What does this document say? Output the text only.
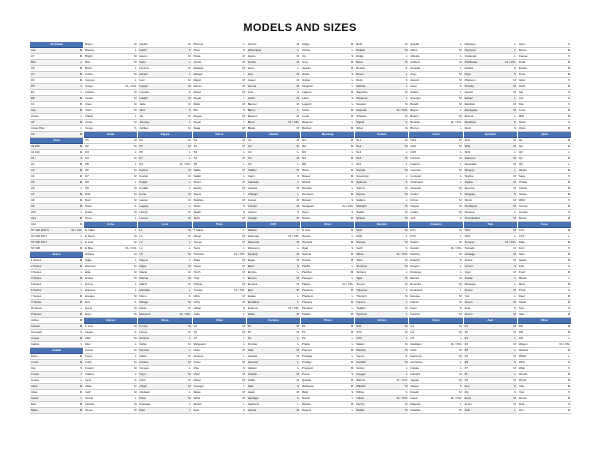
MODELS AND SIZES
Air Power
Ace	M
A7	M
B11	L
C5	M
C7	M
D3	M
D5	L
E4	L
E8	M
F2	M
Ace	M
Arrow	L
Air	M
Arrow Plus	L
Ari	M
Aura
Ali 300	M
Ali 310	M
A1	S
A2	M
A3	M
A4	M
A5	M
A6	L
A7	M
A8	M
A9	M
A10	L
A11	M
A12	M
ST 100 (2017)	XL / XXL
ST 200 2017	L
ST 300 2017	L
ST 400	M
Bravo
1 Series	M
2 Series	M
3 Series	L
4 Series	M
5 Series	L
6 Series	L
7 Series	M
X Series	M
M Series	L
Z Series	M
Active	M
Classic	M
Compact	S
Coupe	M
Cabrio	L
Cobalt
Carry	M
Cross	M
City	S
Crown	L
Cruise	L
Astra	M
Atlas	M
Avant	L
Bolt	M
Blaze	M
Bravo	M
Breeze	L
Bright	M
Brio	M
Burst	L
Cadet	M
Canyon	L
Cargo	XL / XXL
Carina	M
Cedar	M
Cielo	M
Civic	M
Clarity	L
Coral	M
Corsa	S
Delta
D1	M
D2	M
D3	L
D4	M
D5	L
D6	M
D7	M
D8	L
D9	M
D10	M
Dart	M
Dash	S
Dawn	M
Dune	L
Echo
E Class	L
E Sport	M
E Line	M
E Max	XL / XXL
Eclipse	M
Edge	L
Element	M
Elite	M
Ember	M
Envoy	L
Equinox	L
Escape	M
Evo	S
Excel	M
Expo	M
Falcon
F Line	M
Fiesta	S
Flair	M
Flex	L
Focus	M
Force	L
Forte	M
Fusion	M
Galaxy	L
Gem	S
Glide	M
Golf	M
Grand	L
Gravity	M
Grove	M
Harbor	M
Hatch	S
Haven	M
Helix	L
Horizon	M
Hunter	L
Icon	M
Impact	M
Impulse	S
Insight	M
Jade	M
Jazz	S
Jet	M
Journey	L
Jubilee	M
Kappa
K2	M
K3	M
K5	L
K7	L
K9	XL / XXL
Karma	M
Kestrel	M
Knight	L
Kodiak	L
Kona	M
Lancer	M
Legacy	L
Liberty	M
Lumen	M
Lynx
L1	M
L2	M
L3	L
L4	L
L5	M
Magna	L
Major	M
Maple	M
Marina	M
Matrix	M
Meridian	L
Metro	S
Mirage	M
Mode	M
Monarch	XL / XXL
Nova
N Line	M
Nexus	M
Nimbus	L
Noble	M
Nomad	L
Oasis	M
Octane	M
Omega	L
Onyx	M
Orbit	M
Origin	M
Outback	L
Pace	M
Passage	L
Pilot	L
Pioneer	L
Pixel	S
Pulse	M
Quest	M
Radiant	M
Ranger	L
Rapid	M
Raven	M
Rebel	M
Regal	L
Rider	M
Rio	S
Rogue	M
Royal	L
Saga	M
Sierra
S1	M
S2	M
S3	L
S4	M
S5	L
Sable	M
Safari	L
Scout	M
Sentry	M
Sierra	L
Solstice	M
Sonic	S
Spark	S
Spirit	M
Titan
T Class	L
Tango	M
Tempo	M
Terra	L
Thunder	XL / XXL
Tiara	M
Topaz	M
Torch	M
Trail	L
Tribute	M
Tundra	XL / XXL
Ultra	M
Unity	M
Urban	S
Valor	L
Vista
V1	M
V2	M
V3	L
Vanguard	L
Velox	M
Venture	L
Verso	M
Vibe	S
Viper	M
Vision	M
Voyager	L
Wave	M
Wind	M
Zenith	L
Zest	S
Accent	M
Adventurer	L
Alpine	M
Amber	M
Apex	L
Aria	M
Aspen	M
Aurora	M
Axis	S
Azure	M
Banner	M
Baron	L
Beacon	M
Bison	XL / XXL
Blade	M
Citadel
C1	M
C2	M
C3	L
C4	M
C5	L
Caliber	M
Capri	S
Cascade	L
Celeste	M
Charger	L
Comet	M
Condor	M
Cosmo	S
Cougar	M
Drift
Dakota	L
Defender	XL / XXL
Diamond	M
Discovery	L
Dynasty	M
Eagle	M
Eden	S
Empire	L
Encore	M
Enigma	M
Epic	M
Estate	L
Excalibur	L
Explorer	XL / XXL
Fable	M
Fortune
F1	M
F2	M
F3	L
Frontier	L
Gale	M
Gazelle	M
Genesis	L
Glacier	L
Granite	M
Griffin	M
Halo	S
Hawk	M
Heritage	L
Highland	L
Hornet	M
Indigo	M
Infinity	L
Iris	S
Ivory	M
Javelin	M
Jewel	S
Jupiter	L
Kingdom	L
Lagoon	M
Laser	S
Legend	L
Lotus	M
Lunar	M
Magnum	L
Mariner	M
Mustang
M1	M
M2	M
M3	L
M4	M
M5	L
Mesa	M
Meteor	M
Mistral	M
Monaco	L
Monsoon	M
Mosaic	S
Navigator	XL / XXL
Neon	S
Nordic	M
Orion
O Line	M
Ocean	L
Olympia	M
Opal	S
Optima	M
Oracle	M
Pacific	L
Panther	M
Paragon	L
Patriot	XL / XXL
Pegasus	M
Phantom	L
Phoenix	M
Pinnacle	L
Polaris	M
Prism
P1	M
P2	M
P3	L
Prairie	L
Premier	M
Prestige	L
Prodigy	M
Prospect	M
Puma	S
Quasar	M
Radiance	M
Rally	S
Ranch	L
Ravine	M
Regent	L
Relic	M
Reliant	M
Ridge	L
Rival	M
Rocket	S
Rover	L
Ruby	S
Sahara	L
Sapphire	M
Savanna	L
Scepter	M
Sequoia	XL / XXL
Shadow	M
Signal	S
Silver	M
Solaris
SL1	M
SL2	M
SL3	L
SL4	M
SL5	L
Sonata	M
Sovereign	L
Sparrow	S
Sphinx	M
Spruce	M
Stallion	L
Starlight	M
Stellar	M
Stratus	M
Summit
SM1	M
SM2	L
Sunrise	M
Swift	S
Tahoe	XL / XXL
Talon	M
Tempest	M
Territory	L
Tiger	M
Torrent	M
Traverse	L
Triumph	M
Tucson	L
Twilight	M
Typhoon	L
Vortex
VX1	M
VX2	M
VX3	L
Valiant	M
Velocity	M
Venus	S
Verdant	M
Victory	L
Voyage	L
Warrior	XL / XXL
Wildcat	M
Willow	S
Yukon	XL / XXL
Zephyr	M
Zodiac	M
Acadia	L
Allure	M
Altitude	L
Anthem	M
Arcadia	L
Argo	M
Ascent	M
Aster	S
Avalon	L
Avenger	M
Bandit	M
Bayou	L
Bolero	M
Boulder	XL / XXL
Bronco	L
Crest
CR1	M
CR2	M
CR3	L
Canvas	M
Caprice	L
Cayman	M
Centauri	L
Champion	L
Cheetah	M
Cinder	S
Cirrus	M
Clipper	M
Cobra	M
Colt	S
Dynamo
DY1	M
DY2	L
Delphi	M
Denali	XL / XXL
Destiny	M
Dolphin	S
Dragon	L
Durango	L
Electra	M
Emerald	M
Endeavor	L
Evoque	M
Falcon	M
Fiero	S
Firebird	M
Glory
G1	M
G2	M
G3	L
Gladiator	XL / XXL
Gold	M
Harmony	M
Hurricane	L
Impala	L
Intrepid	M
Jaguar	M
Jasper	S
Kinetic	M
Lariat	XL / XXL
Majestic	L
Nautilus	M
Odyssey	L
Olympus	L
Outlander	L
Pathfinder	XL / XXL
Pebble	S
Piper	S
Platinum	M
Prowler	M
Quartz	M
Raider	L
Rambler	M
Renegade	M
Riviera	L
Roadster	S
Rush	S
Sentinel
SN1	M
SN2	M
SN3	L
Scirocco	M
Serenade	M
Shogun	L
Skyline	M
Solara	M
Spectra	M
Stingray	S
Storm	M
Sundance	M
Tacoma	L
Thunderbird	M
Trek
TR1	M
TR2	L
Trooper	XL / XXL
Tornado	M
Vantage	M
Vector	M
Venom	S
Vigor	M
Vulcan	L
Wrangler	L
Xenon	M
Yeti	L
Zenon	M
Zeta	S
Zircon	M
Zeal
Z1	M
Z2	M
Z3	L
Z4	M
Z5	L
ZX	M
ZR	S
ZT	M
ZL	L
ZS	M
Zen	S
Zip	S
Zone	M
Zoom	M
Zulu	L
Atom	S
Bloom	M
Cameo	S
Dusk	M
Ember	M
Frost	M
Glow	S
Hush	M
Isle	S
Jolt	S
Kite	S
Loom	M
Mist	M
Nook	S
Opus	M
Quill
Q1	M
Q2	M
Q3	L
Q4	M
Q5	L
Ripple	M
Sage	S
Thistle	M
Umber	M
Velvet	M
Whirl	S
Yarrow	M
Amulet	S
Brook	M
Cove
CV1	M
CV2	L
Dale	M
Fern	S
Glen	M
Heath	M
Inlet	S
Knoll	M
Marsh	L
Moor	M
Pond	S
Reef	M
Shoal	M
Tarn	S
Vale	M
Wren
W1	M
W2	M
W3	L
Wagon	XL / XXL
Weaver	M
Wharf	L
Wick	S
Wisp	S
Woods	M
Wynd	M
Yale	M
Yew	S
Zinnia	M
Zola	S
Zuri	M
